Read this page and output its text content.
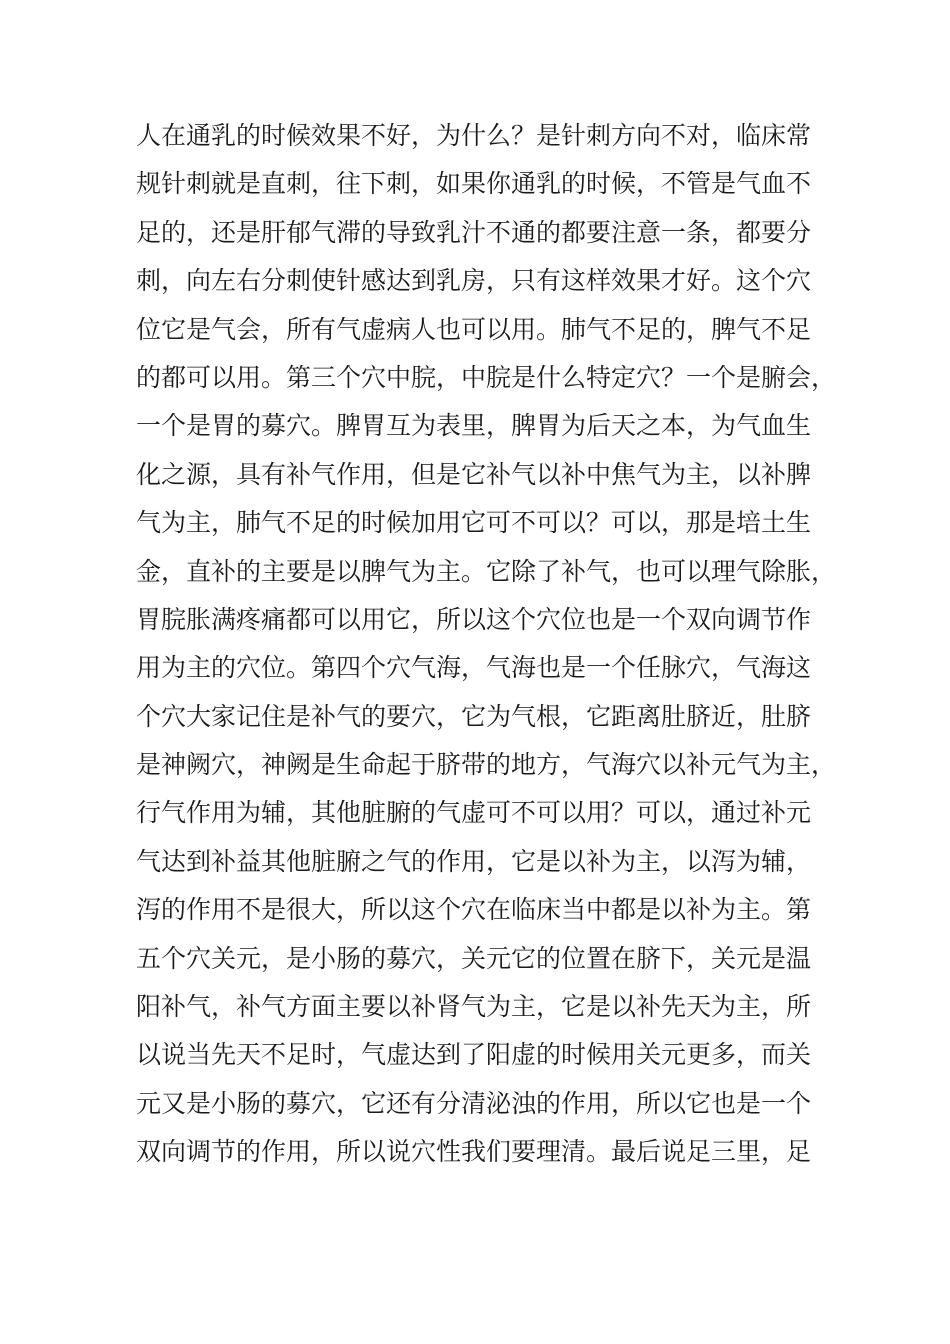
人在通乳的时候效果不好，为什么？是针刺方向不对，临床常
规针刺就是直刺，往下刺，如果你通乳的时候，不管是气血不
足的，还是肝郁气滞的导致乳汁不通的都要注意一条，都要分
刺，向左右分刺使针感达到乳房，只有这样效果才好。这个穴
位它是气会，所有气虚病人也可以用。肺气不足的，脾气不足
的都可以用。第三个穴中脘，中脘是什么特定穴？一个是腑会，
一个是胃的募穴。脾胃互为表里，脾胃为后天之本，为气血生
化之源，具有补气作用，但是它补气以补中焦气为主，以补脾
气为主，肺气不足的时候加用它可不可以？可以，那是培土生
金，直补的主要是以脾气为主。它除了补气，也可以理气除胀，
胃脘胀满疼痛都可以用它，所以这个穴位也是一个双向调节作
用为主的穴位。第四个穴气海，气海也是一个任脉穴，气海这
个穴大家记住是补气的要穴，它为气根，它距离肚脐近，肚脐
是神阙穴，神阙是生命起于脐带的地方，气海穴以补元气为主，
行气作用为辅，其他脏腑的气虚可不可以用？可以，通过补元
气达到补益其他脏腑之气的作用，它是以补为主，以泻为辅，
泻的作用不是很大，所以这个穴在临床当中都是以补为主。第
五个穴关元，是小肠的募穴，关元它的位置在脐下，关元是温
阳补气，补气方面主要以补肾气为主，它是以补先天为主，所
以说当先天不足时，气虚达到了阳虚的时候用关元更多，而关
元又是小肠的募穴，它还有分清泌浊的作用，所以它也是一个
双向调节的作用，所以说穴性我们要理清。最后说足三里，足
